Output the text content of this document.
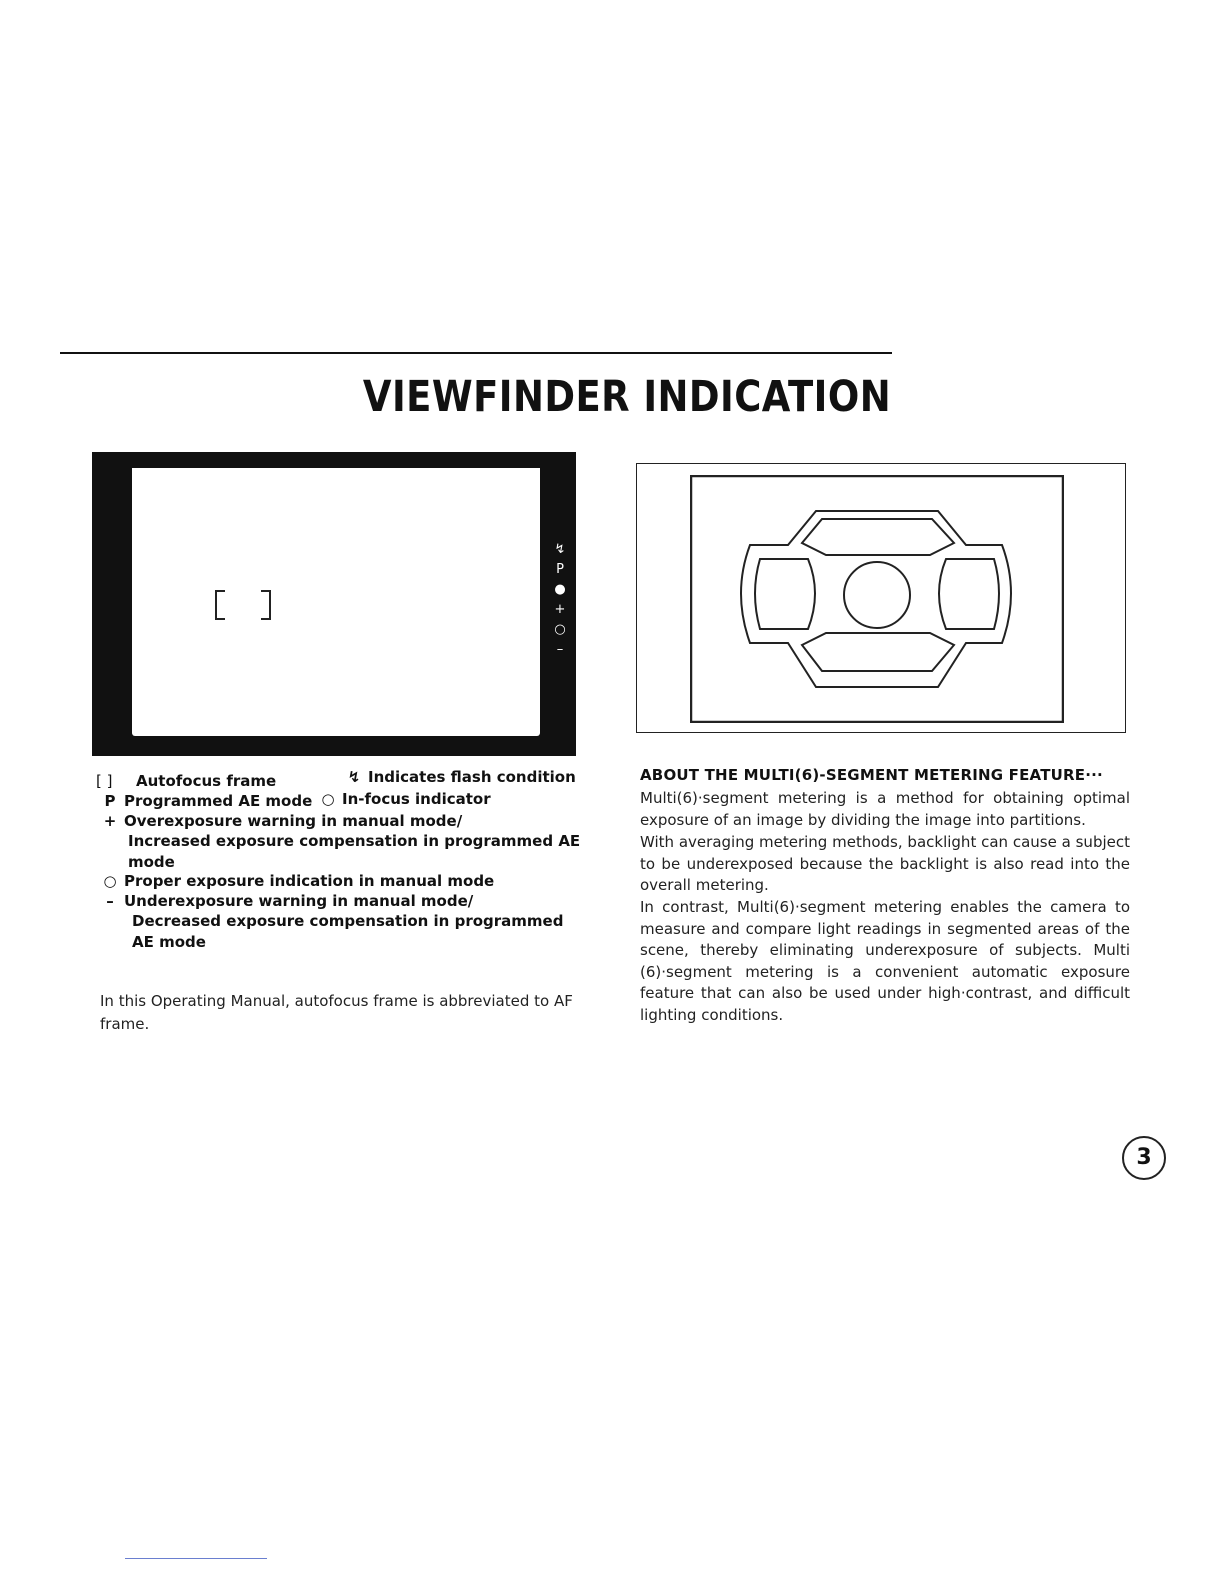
VIEWFINDER INDICATION
↯
P
●
+
○
–
[ ] Autofocus frame	↯ Indicates flash condition
P Programmed AE mode ○ In-focus indicator
+ Overexposure warning in manual mode/
Increased exposure compensation in programmed AE
mode
○ Proper exposure indication in manual mode
– Underexposure warning in manual mode/
Decreased exposure compensation in programmed
AE mode
In this Operating Manual, autofocus frame is abbreviated to AF frame.
ABOUT THE MULTI(6)-SEGMENT METERING FEATURE···
Multi(6)·segment metering is a method for obtaining optimal exposure of an image by dividing the image into partitions.
With averaging metering methods, backlight can cause a subject to be underexposed because the backlight is also read into the overall metering.
In contrast, Multi(6)·segment metering enables the camera to measure and compare light readings in segmented areas of the scene, thereby eliminating underexposure of subjects. Multi (6)·segment metering is a convenient automatic exposure feature that can also be used under high·contrast, and difficult lighting conditions.
3
